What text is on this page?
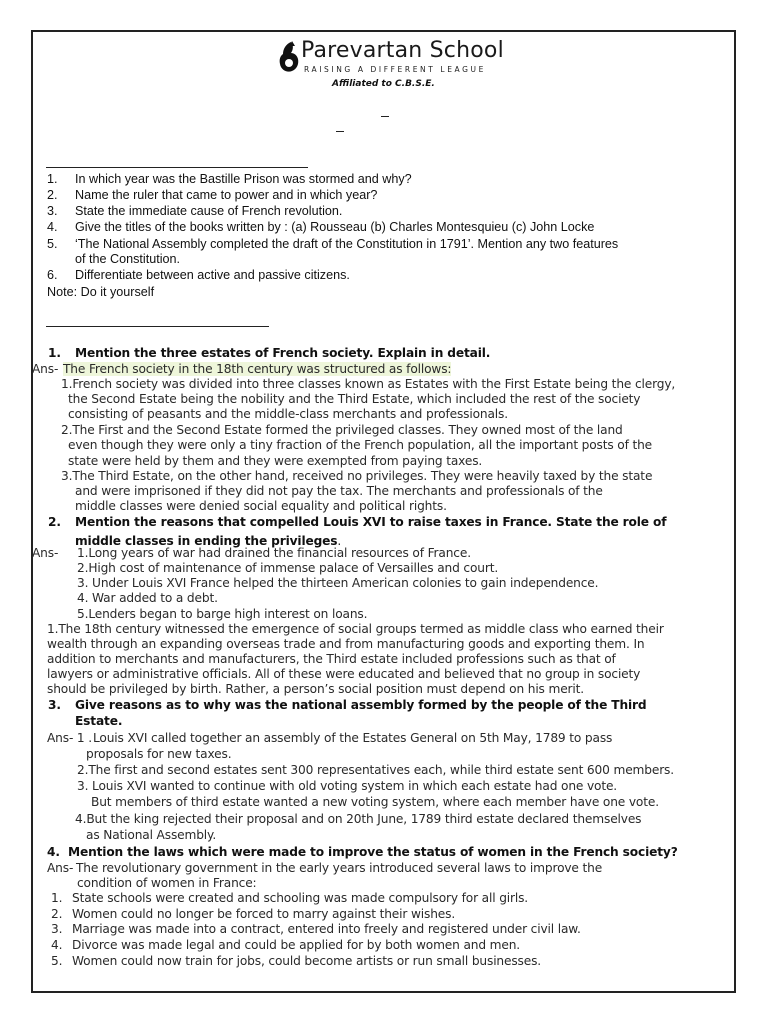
Parevartan School
RAISING A DIFFERENT LEAGUE
Affiliated to C.B.S.E.
1. In which year was the Bastille Prison was stormed and why?
2. Name the ruler that came to power and in which year?
3. State the immediate cause of French revolution.
4. Give the titles of the books written by : (a) Rousseau (b) Charles Montesquieu (c) John Locke
5. ‘The National Assembly completed the draft of the Constitution in 1791’. Mention any two features
of the Constitution.
6. Differentiate between active and passive citizens.
Note: Do it yourself
1. Mention the three estates of French society. Explain in detail.
Ans- The French society in the 18th century was structured as follows:
1.French society was divided into three classes known as Estates with the First Estate being the clergy,
the Second Estate being the nobility and the Third Estate, which included the rest of the society
consisting of peasants and the middle-class merchants and professionals.
2.The First and the Second Estate formed the privileged classes. They owned most of the land
even though they were only a tiny fraction of the French population, all the important posts of the
state were held by them and they were exempted from paying taxes.
3.The Third Estate, on the other hand, received no privileges. They were heavily taxed by the state
and were imprisoned if they did not pay the tax. The merchants and professionals of the
middle classes were denied social equality and political rights.
2. Mention the reasons that compelled Louis XVI to raise taxes in France. State the role of
middle classes in ending the privileges.
Ans- 1.Long years of war had drained the financial resources of France.
2.High cost of maintenance of immense palace of Versailles and court.
3. Under Louis XVI France helped the thirteen American colonies to gain independence.
4. War added to a debt.
5.Lenders began to barge high interest on loans.
1.The 18th century witnessed the emergence of social groups termed as middle class who earned their
wealth through an expanding overseas trade and from manufacturing goods and exporting them. In
addition to merchants and manufacturers, the Third estate included professions such as that of
lawyers or administrative officials. All of these were educated and believed that no group in society
should be privileged by birth. Rather, a person’s social position must depend on his merit.
3. Give reasons as to why was the national assembly formed by the people of the Third
Estate.
Ans- 1 . Louis XVI called together an assembly of the Estates General on 5th May, 1789 to pass
proposals for new taxes.
2.The first and second estates sent 300 representatives each, while third estate sent 600 members.
3. Louis XVI wanted to continue with old voting system in which each estate had one vote.
But members of third estate wanted a new voting system, where each member have one vote.
4.But the king rejected their proposal and on 20th June, 1789 third estate declared themselves
as National Assembly.
4. Mention the laws which were made to improve the status of women in the French society?
Ans- The revolutionary government in the early years introduced several laws to improve the
condition of women in France:
1. State schools were created and schooling was made compulsory for all girls.
2. Women could no longer be forced to marry against their wishes.
3. Marriage was made into a contract, entered into freely and registered under civil law.
4. Divorce was made legal and could be applied for by both women and men.
5. Women could now train for jobs, could become artists or run small businesses.
